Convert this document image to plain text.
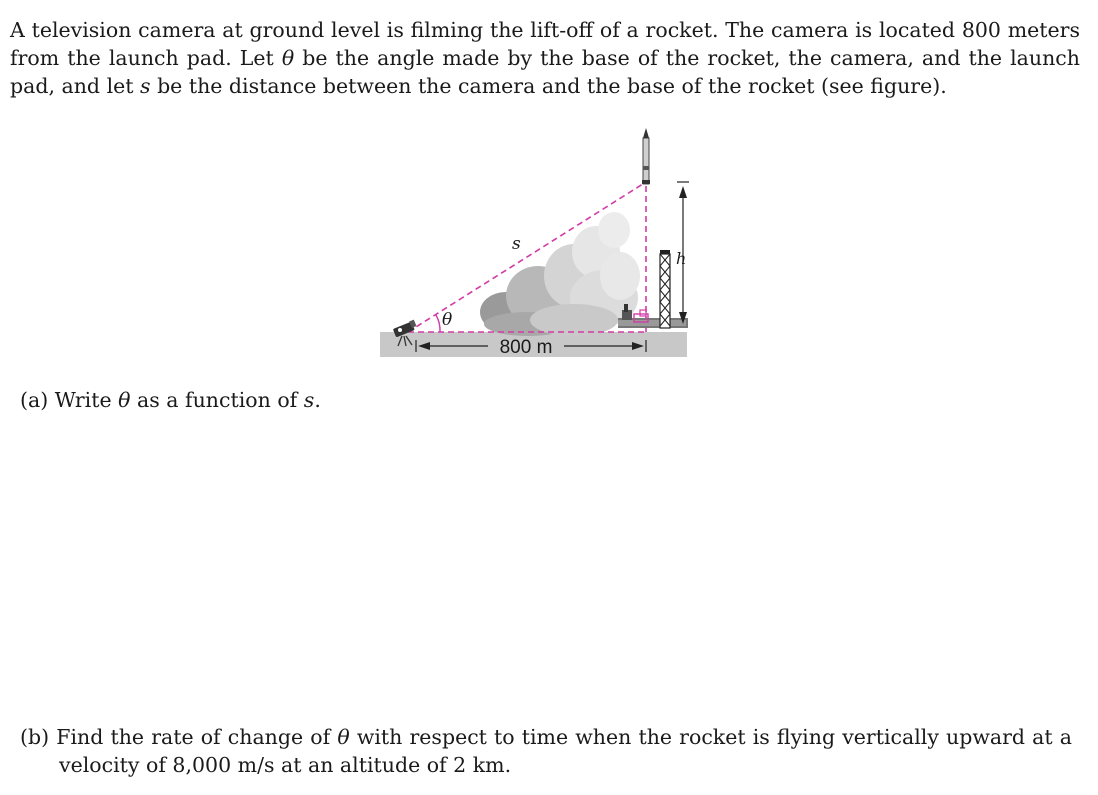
A television camera at ground level is filming the lift-off of a rocket. The camera is located 800 meters from the launch pad. Let θ be the angle made by the base of the rocket, the camera, and the launch pad, and let s be the distance between the camera and the base of the rocket (see figure).

s
θ
h
800 m

(a) Write θ as a function of s.

(b) Find the rate of change of θ with respect to time when the rocket is flying vertically upward at a velocity of 8,000 m/s at an altitude of 2 km.
